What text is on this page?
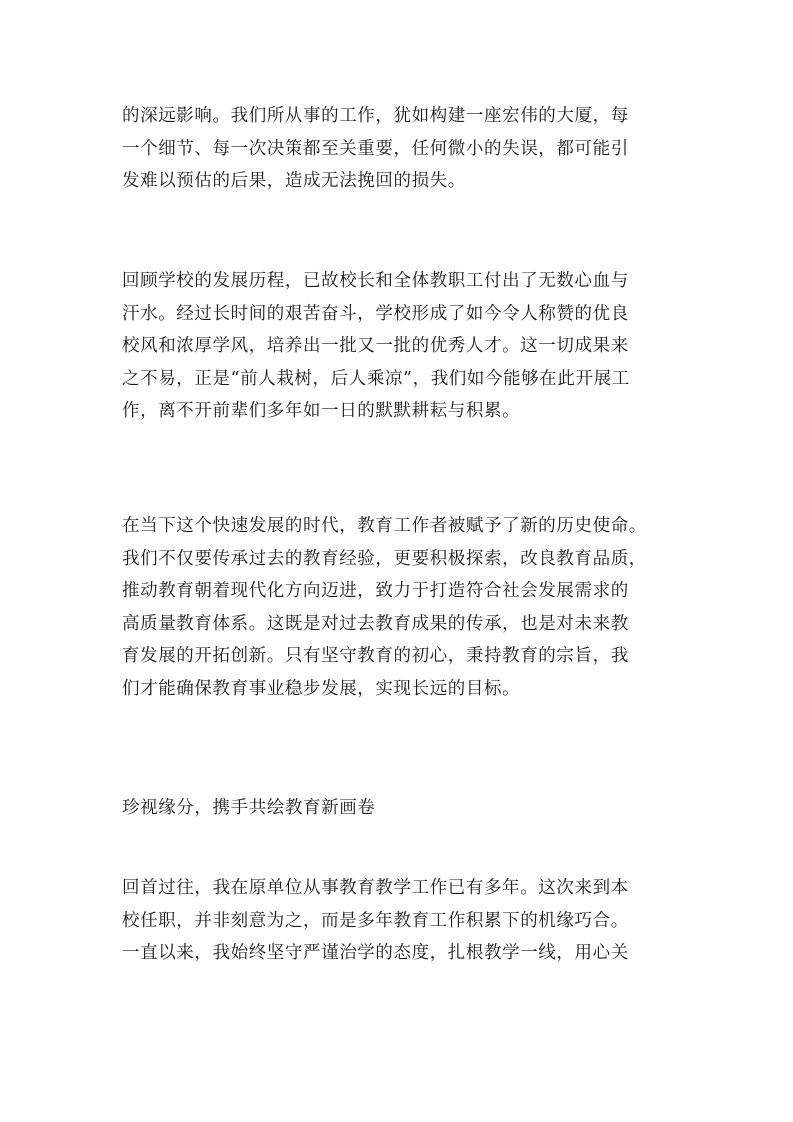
的深远影响。我们所从事的工作，犹如构建一座宏伟的大厦，每
一个细节、每一次决策都至关重要，任何微小的失误，都可能引
发难以预估的后果，造成无法挽回的损失。

回顾学校的发展历程，已故校长和全体教职工付出了无数心血与
汗水。经过长时间的艰苦奋斗，学校形成了如今令人称赞的优良
校风和浓厚学风，培养出一批又一批的优秀人才。这一切成果来
之不易，正是“前人栽树，后人乘凉”，我们如今能够在此开展工
作，离不开前辈们多年如一日的默默耕耘与积累。

在当下这个快速发展的时代，教育工作者被赋予了新的历史使命。
我们不仅要传承过去的教育经验，更要积极探索，改良教育品质，
推动教育朝着现代化方向迈进，致力于打造符合社会发展需求的
高质量教育体系。这既是对过去教育成果的传承，也是对未来教
育发展的开拓创新。只有坚守教育的初心，秉持教育的宗旨，我
们才能确保教育事业稳步发展，实现长远的目标。

珍视缘分，携手共绘教育新画卷

回首过往，我在原单位从事教育教学工作已有多年。这次来到本
校任职，并非刻意为之，而是多年教育工作积累下的机缘巧合。
一直以来，我始终坚守严谨治学的态度，扎根教学一线，用心关
